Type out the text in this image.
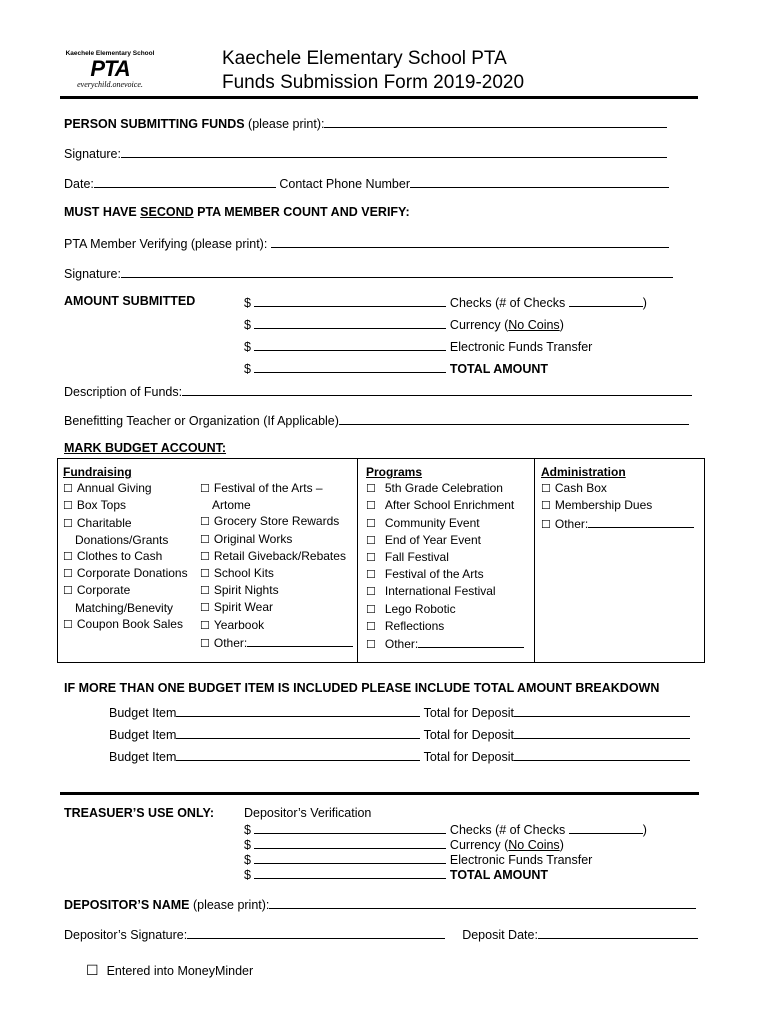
Kaechele Elementary School
PTA
everychild.onevoice.
Kaechele Elementary School PTA
Funds Submission Form 2019-2020
PERSON SUBMITTING FUNDS (please print):
Signature:
Date:	Contact Phone Number
MUST HAVE SECOND PTA MEMBER COUNT AND VERIFY:
PTA Member Verifying (please print):
Signature:
AMOUNT SUBMITTED	$	Checks (# of Checks	)
$	Currency (No Coins)
$	Electronic Funds Transfer
$	TOTAL AMOUNT
Description of Funds:
Benefitting Teacher or Organization (If Applicable)
MARK BUDGET ACCOUNT:
Fundraising
☐ Annual Giving
☐ Box Tops
☐ Charitable
Donations/Grants
☐ Clothes to Cash
☐ Corporate Donations
☐ Corporate
Matching/Benevity
☐ Coupon Book Sales
☐ Festival of the Arts –
Artome
☐ Grocery Store Rewards
☐ Original Works
☐ Retail Giveback/Rebates
☐ School Kits
☐ Spirit Nights
☐ Spirit Wear
☐ Yearbook
☐ Other:
Programs
☐ 5th Grade Celebration
☐ After School Enrichment
☐ Community Event
☐ End of Year Event
☐ Fall Festival
☐ Festival of the Arts
☐ International Festival
☐ Lego Robotic
☐ Reflections
☐ Other:
Administration
☐ Cash Box
☐ Membership Dues
☐ Other:
IF MORE THAN ONE BUDGET ITEM IS INCLUDED PLEASE INCLUDE TOTAL AMOUNT BREAKDOWN
Budget Item	Total for Deposit
Budget Item	Total for Deposit
Budget Item	Total for Deposit
TREASUER’S USE ONLY: Depositor’s Verification
$	Checks (# of Checks	)
$	Currency (No Coins)
$	Electronic Funds Transfer
$	TOTAL AMOUNT
DEPOSITOR’S NAME (please print):
Depositor’s Signature:	Deposit Date:
☐ Entered into MoneyMinder
